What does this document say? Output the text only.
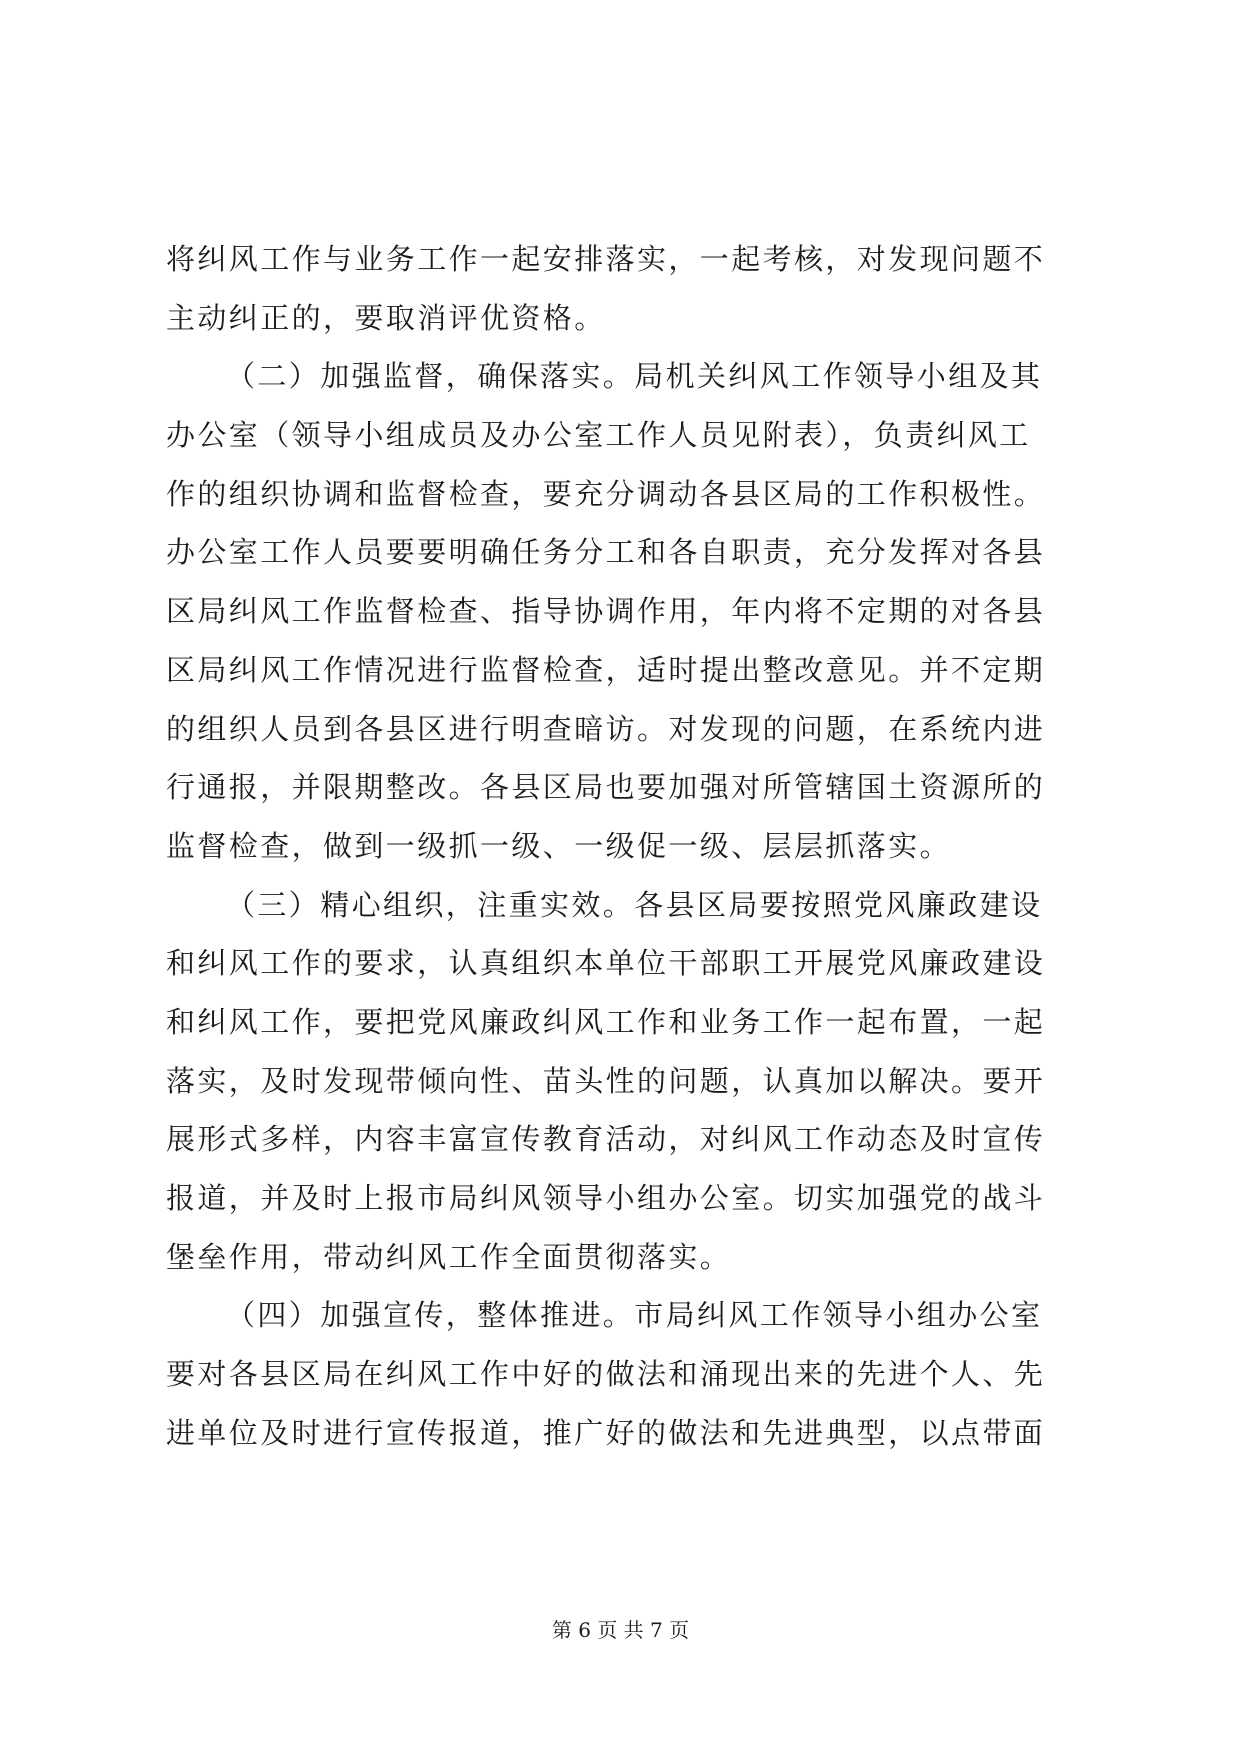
将纠风工作与业务工作一起安排落实，一起考核，对发现问题不
主动纠正的，要取消评优资格。
（二）加强监督，确保落实。局机关纠风工作领导小组及其
办公室（领导小组成员及办公室工作人员见附表），负责纠风工
作的组织协调和监督检查，要充分调动各县区局的工作积极性。
办公室工作人员要要明确任务分工和各自职责，充分发挥对各县
区局纠风工作监督检查、指导协调作用，年内将不定期的对各县
区局纠风工作情况进行监督检查，适时提出整改意见。并不定期
的组织人员到各县区进行明查暗访。对发现的问题，在系统内进
行通报，并限期整改。各县区局也要加强对所管辖国土资源所的
监督检查，做到一级抓一级、一级促一级、层层抓落实。
（三）精心组织，注重实效。各县区局要按照党风廉政建设
和纠风工作的要求，认真组织本单位干部职工开展党风廉政建设
和纠风工作，要把党风廉政纠风工作和业务工作一起布置，一起
落实，及时发现带倾向性、苗头性的问题，认真加以解决。要开
展形式多样，内容丰富宣传教育活动，对纠风工作动态及时宣传
报道，并及时上报市局纠风领导小组办公室。切实加强党的战斗
堡垒作用，带动纠风工作全面贯彻落实。
（四）加强宣传，整体推进。市局纠风工作领导小组办公室
要对各县区局在纠风工作中好的做法和涌现出来的先进个人、先
进单位及时进行宣传报道，推广好的做法和先进典型，以点带面
第 6 页 共 7 页
